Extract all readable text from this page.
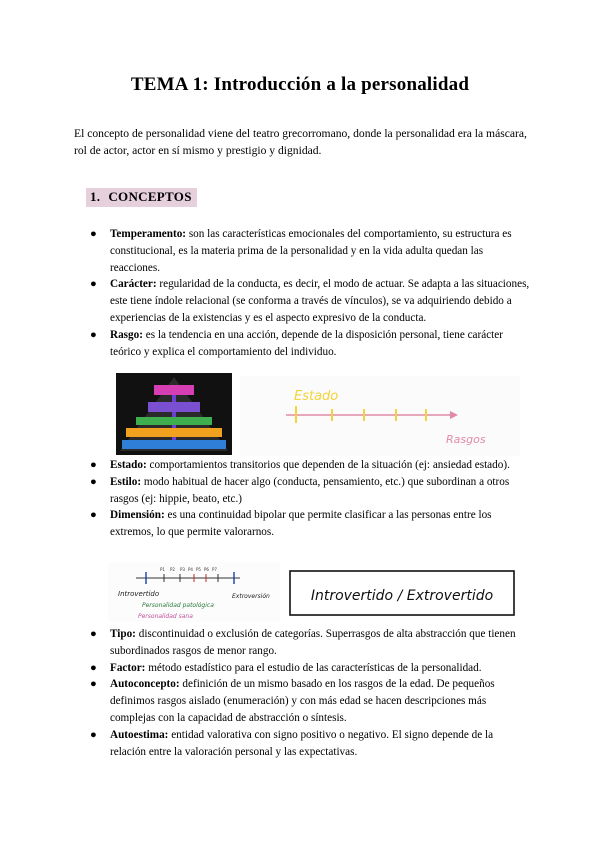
TEMA 1: Introducción a la personalidad

El concepto de personalidad viene del teatro grecorromano, donde la personalidad era la máscara, rol de actor, actor en sí mismo y prestigio y dignidad.

1. CONCEPTOS
● Temperamento: son las características emocionales del comportamiento, su estructura es constitucional, es la materia prima de la personalidad y en la vida adulta quedan las reacciones.
● Carácter: regularidad de la conducta, es decir, el modo de actuar. Se adapta a las situaciones, este tiene índole relacional (se conforma a través de vínculos), se va adquiriendo debido a experiencias de la existencias y es el aspecto expresivo de la conducta.
● Rasgo: es la tendencia en una acción, depende de la disposición personal, tiene carácter teórico y explica el comportamiento del individuo.
Estado
Rasgos
● Estado: comportamientos transitorios que dependen de la situación (ej: ansiedad estado).
● Estilo: modo habitual de hacer algo (conducta, pensamiento, etc.) que subordinan a otros rasgos (ej: hippie, beato, etc.)
● Dimensión: es una continuidad bipolar que permite clasificar a las personas entre los extremos, lo que permite valorarnos.
P1 P2 P3 P4 P5 P6 P7
Introvertido	Extroversión
Personalidad patológica
Personalidad sana
Introvertido / Extrovertido
● Tipo: discontinuidad o exclusión de categorías. Superrasgos de alta abstracción que tienen subordinados rasgos de menor rango.
● Factor: método estadístico para el estudio de las características de la personalidad.
● Autoconcepto: definición de un mismo basado en los rasgos de la edad. De pequeños definimos rasgos aislado (enumeración) y con más edad se hacen descripciones más complejas con la capacidad de abstracción o síntesis.
● Autoestima: entidad valorativa con signo positivo o negativo. El signo depende de la relación entre la valoración personal y las expectativas.
